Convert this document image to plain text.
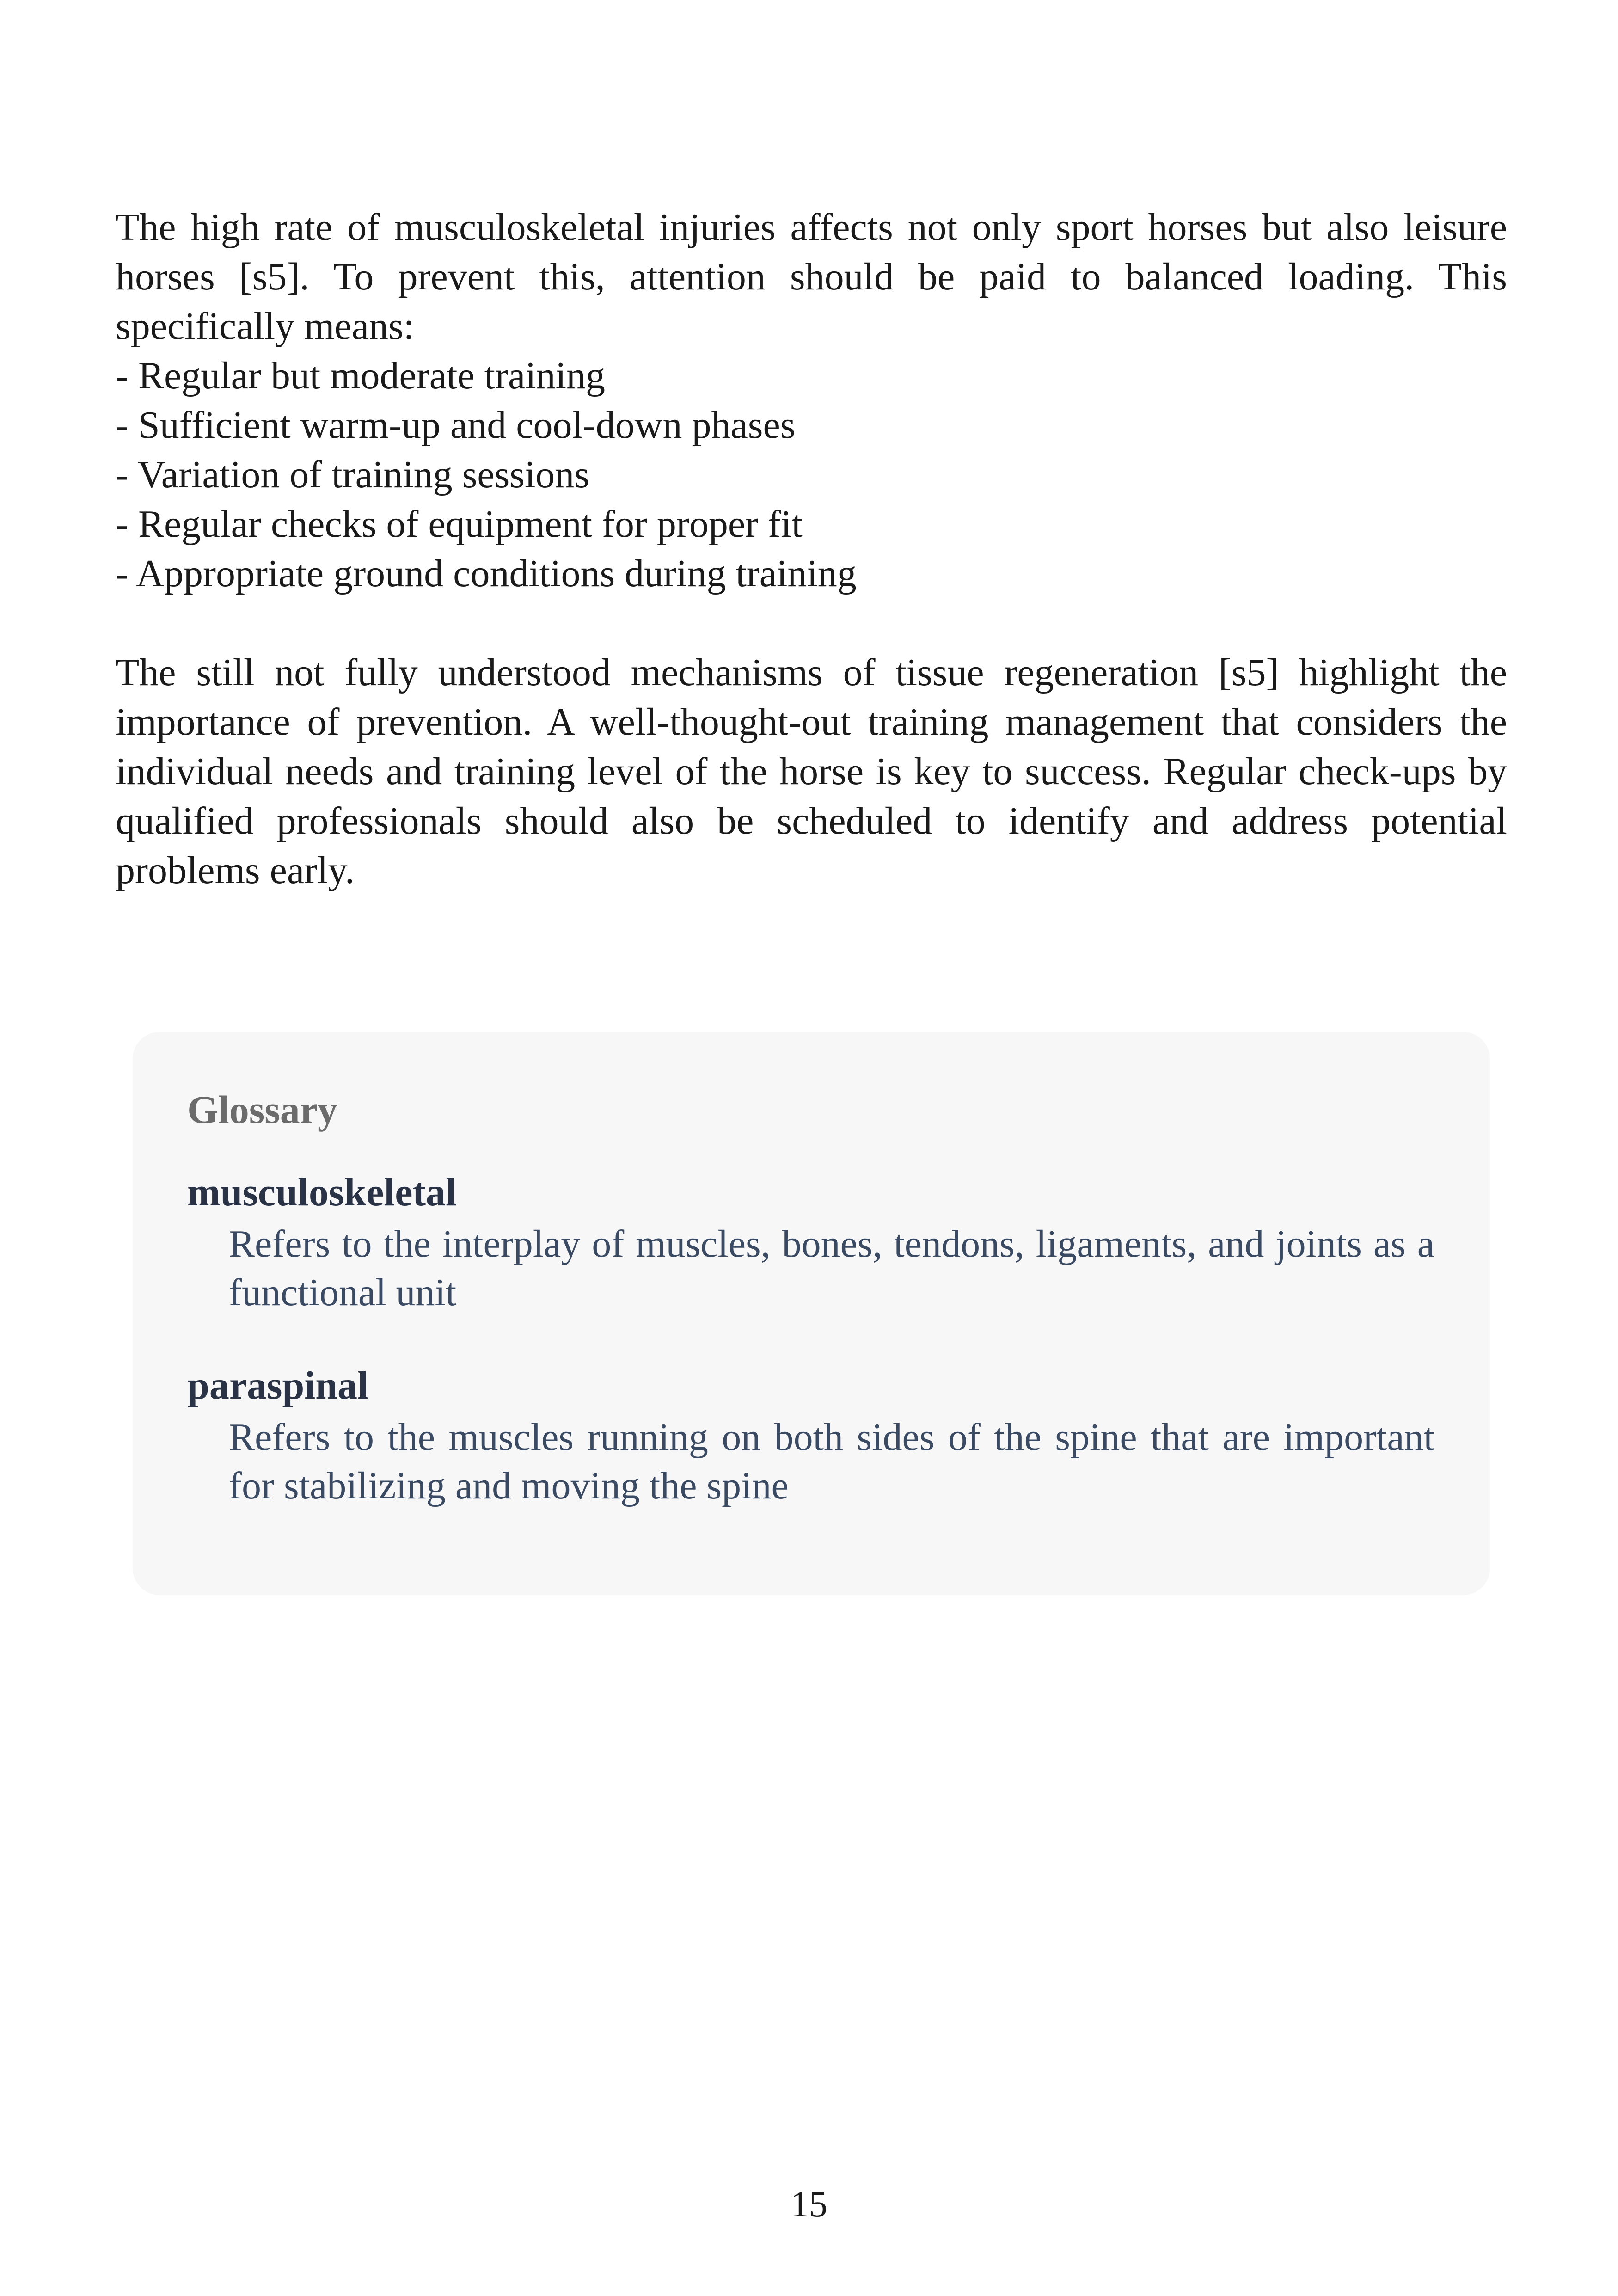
The high rate of musculoskeletal injuries affects not only sport horses but also leisure horses [s5]. To prevent this, attention should be paid to balanced loading. This specifically means:
- Regular but moderate training
- Sufficient warm-up and cool-down phases
- Variation of training sessions
- Regular checks of equipment for proper fit
- Appropriate ground conditions during training

The still not fully understood mechanisms of tissue regeneration [s5] highlight the importance of prevention. A well-thought-out training management that considers the individual needs and training level of the horse is key to success. Regular check-ups by qualified professionals should also be scheduled to identify and address potential problems early.

Glossary

musculoskeletal

Refers to the interplay of muscles, bones, tendons, ligaments, and joints as a functional unit

paraspinal

Refers to the muscles running on both sides of the spine that are important for stabilizing and moving the spine

15
